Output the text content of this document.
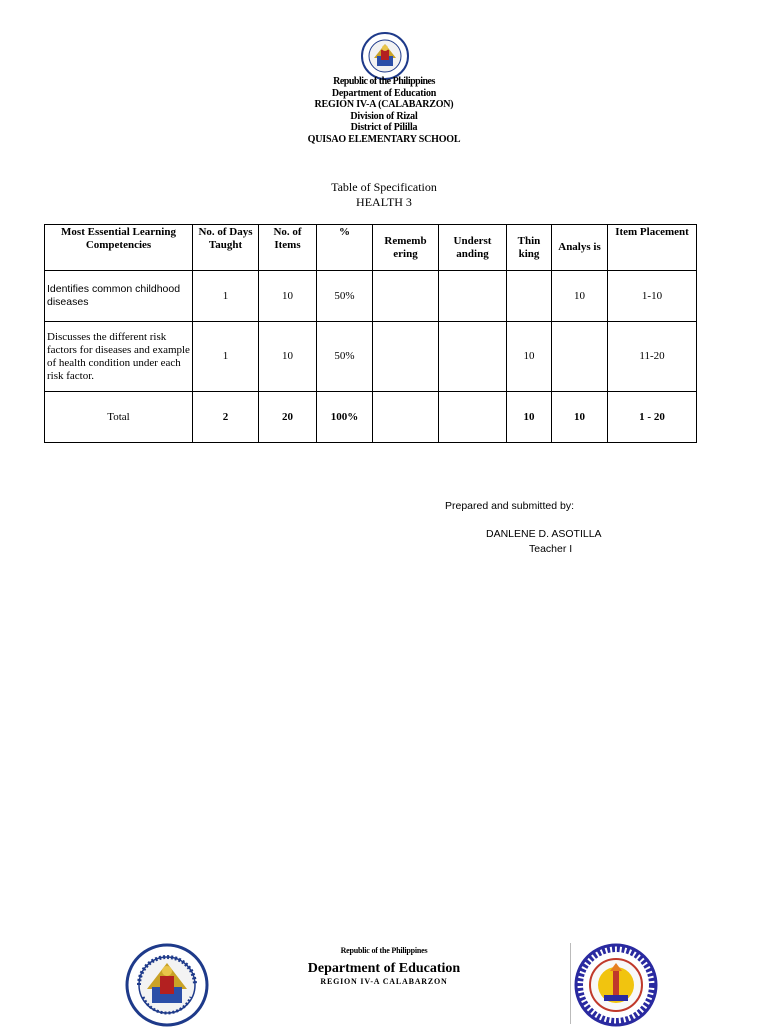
Republic of the Philippines
Department of Education
REGION IV-A (CALABARZON)
Division of Rizal
District of Pililla
QUISAO ELEMENTARY SCHOOL
Table of Specification
HEALTH 3
Most Essential Learning Competencies	No. of Days Taught	No. of Items	%	Rememb ering	Underst anding	Thin king	Analys is	Item Placement
Identifies common childhood diseases	1	10	50%				10	1-10
Discusses the different risk factors for diseases and example of health condition under each risk factor.	1	10	50%			10		11-20
Total	2	20	100%			10	10	1 - 20
Prepared and submitted by:
DANLENE D. ASOTILLA
Teacher I
Republic of the Philippines
Department of Education
REGION IV-A CALABARZON
